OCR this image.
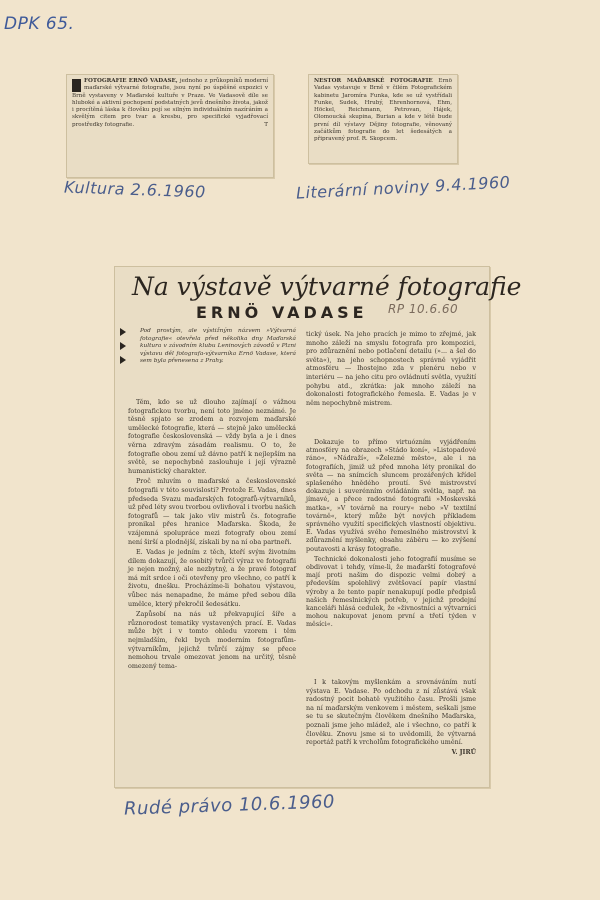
DPK 65.
FOTOGRAFIE ERNŐ VADASE, jednoho z průkopníků moderní maďarské výtvarné fotografie, jsou nyní po úspěšné expozici v Brně vystaveny v Maďarské kultuře v Praze. Ve Vadasově díle se hluboké a aktivní pochopení podstatných jevů dnešního života, jakož i procítěná láska k člověku pojí se silným individuálním nazíráním a skvělým citem pro tvar a kresbu, pro specifické vyjadřovací prostředky fotografie.	T
Kultura 2.6.1960
NESTOR MAĎARSKÉ FOTOGRAFIE Ernö Vadas vystavuje v Brně v čilém Fotografickém kabinetu Jaromíra Funka, kde se už vystřídali Funke, Sudek, Hrubý, Ehrenhornová, Ehm, Höckel, Reichmann, Petrovan, Hájek, Olomoucká skupina, Burian a kde v létě bude první díl výstavy Dějiny fotografie, věnovaný začátkům fotografie do let šedesátých a připravený prof. R. Skopcem.
Literární noviny 9.4.1960
Na výstavě výtvarné fotografie
ERNÖ VADASE RP 10.6.60
Pod prostým, ale výstižným názvem »Výtvarná fotografie« otevřela před několika dny Maďarská kultura v závodním klubu Leninových závodů v Plzni výstavu děl fotografa-výtvarníka Ernö Vadase, která sem byla přenesena z Prahy.

Těm, kdo se už dlouho zajímají o vážnou fotografickou tvorbu, není toto jméno neznámé. Je těsně spjato se zrodem a rozvojem maďarské umělecké fotografie, která — stejně jako umělecká fotografie československá — vždy byla a je i dnes věrna zdravým zásadám realismu. O to, že fotografie obou zemí už dávno patří k nejlepším na světě, se nepochybně zaslouhuje i její výrazně humanistický charakter.

Proč mluvím o maďarské a československé fotografii v této souvislosti? Protože E. Vadas, dnes předseda Svazu maďarských fotografů-výtvarníků, už před léty svou tvorbou ovlivňoval i tvorbu našich fotografů — tak jako vliv mistrů čs. fotografie pronikal přes hranice Maďarska. Škoda, že vzájemná spolupráce mezi fotografy obou zemí není širší a plodnější, získali by na ní oba partneři.

E. Vadas je jedním z těch, kteří svým životním dílem dokazují, že osobitý tvůrčí výraz ve fotografii je nejen možný, ale nezbytný, a že pravé fotograf má mít srdce i oči otevřeny pro všechno, co patří k životu, dnešku. Procházíme-li bohatou výstavou, vůbec nás nenapadne, že máme před sebou díla umělce, který překročil šedesátku.

Zapůsobí na nás už překvapující šíře a různorodost tematiky vystavených prací. E. Vadas může být i v tomto ohledu vzorem i těm nejmladším, řekl bych moderním fotografům-výtvarníkům, jejichž tvůrčí zájmy se přece nemohou trvale omezovat jenom na určitý, těsně omezený tema-

tický úsek. Na jeho pracích je mimo to zřejmé, jak mnoho záleží na smyslu fotografa pro kompozici, pro zdůraznění nebo potlačení detailu (»... a šel do světa«), na jeho schopnostech správně vyjádřit atmosféru — lhostejno zda v plenéru nebo v interiéru — na jeho citu pro ovládnutí světla, využití pohybu atd., zkrátka: jak mnoho záleží na dokonalosti fotografického řemesla. E. Vadas je v něm nepochybně mistrem.

Dokazuje to přímo virtuózním vyjádřením atmosféry na obrazech »Stádo koní«, »Listopadové ráno«, »Nádraží«, »Železné město«, ale i na fotografiích, jimiž už před mnoha léty pronikal do světa — na snímcích sluncem prozářených křídel splašeného hnědého proutí. Své mistrovství dokazuje i suverénním ovládáním světla, např. na jímavé, a přece radostné fotografii »Moskevská matka«, »V továrně na rourу« nebo »V textilní továrně«, který může být nových příkladem správného využití specifických vlastností objektivu. E. Vadas využívá svého řemeslného mistrovství k zdůraznění myšlenky, obsahu záběru — ko zvýšení poutavosti a krásy fotografie.

Technické dokonalosti jeho fotografií musíme se obdivovat i tehdy, víme-li, že maďarští fotografové mají proti našim do dispozic velmi dobrý a především spolehlivý zvětšovací papír vlastní výroby a že tento papír nenakupují podle předpisů našich řemeslnických potřeb, v jejichž prodejní kanceláři hlásá cedulek, že »živnostníci a výtvarníci mohou nakupovat jenom první a třetí týden v měsíci«.

I k takovým myšlenkám a srovnáváním nutí výstava E. Vadase. Po odchodu z ní zůstává však radostný pocit bohatě využitého času. Prošli jsme na ní maďarským venkovem i městem, seškali jsme se tu se skutečným člověkem dnešního Maďarska, poznali jsme jeho mládež, ale i všechno, co patří k člověku. Znovu jsme si to uvědomili, že výtvarná reportáž patří k vrcholům fotografického umění.

V. JIRŮ
Rudé právo 10.6.1960
